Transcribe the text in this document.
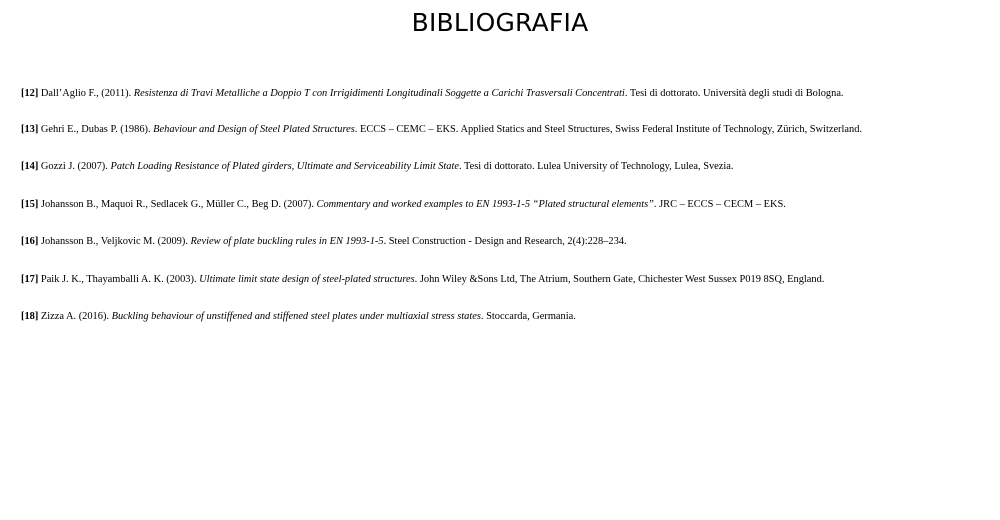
BIBLIOGRAFIA

[12] Dall’Aglio F., (2011). Resistenza di Travi Metalliche a Doppio T con Irrigidimenti Longitudinali Soggette a Carichi Trasversali Concentrati. Tesi di dottorato. Università degli studi di Bologna.

[13] Gehri E., Dubas P. (1986). Behaviour and Design of Steel Plated Structures. ECCS – CEMC – EKS. Applied Statics and Steel Structures, Swiss Federal Institute of Technology, Zürich, Switzerland.

[14] Gozzi J. (2007). Patch Loading Resistance of Plated girders, Ultimate and Serviceability Limit State. Tesi di dottorato. Lulea University of Technology, Lulea, Svezia.

[15] Johansson B., Maquoi R., Sedlacek G., Müller C., Beg D. (2007). Commentary and worked examples to EN 1993-1-5 “Plated structural elements”. JRC – ECCS – CECM – EKS.

[16] Johansson B., Veljkovic M. (2009). Review of plate buckling rules in EN 1993-1-5. Steel Construction - Design and Research, 2(4):228–234.

[17] Paik J. K., Thayamballi A. K. (2003). Ultimate limit state design of steel-plated structures. John Wiley &Sons Ltd, The Atrium, Southern Gate, Chichester West Sussex P019 8SQ, England.

[18] Zizza A. (2016). Buckling behaviour of unstiffened and stiffened steel plates under multiaxial stress states. Stoccarda, Germania.
